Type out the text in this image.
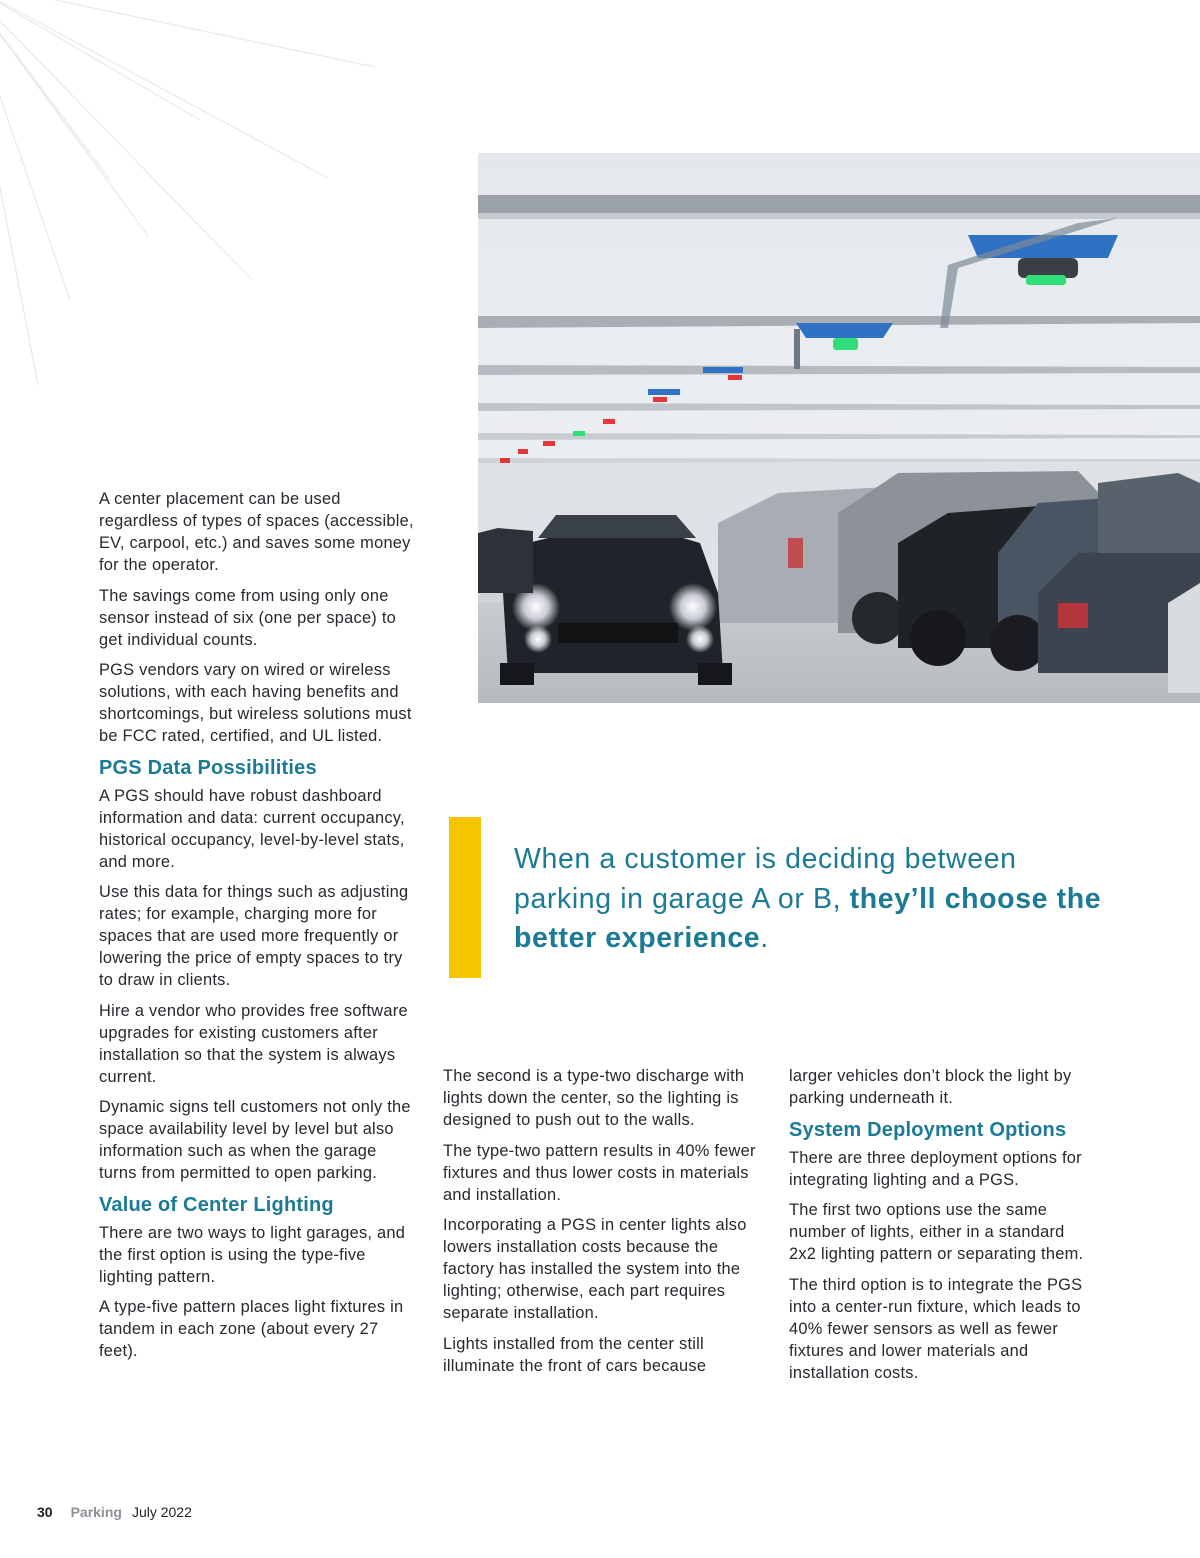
A center placement can be used regardless of types of spaces (accessible, EV, carpool, etc.) and saves some money for the operator.

The savings come from using only one sensor instead of six (one per space) to get individual counts.

PGS vendors vary on wired or wireless solutions, with each having benefits and shortcomings, but wireless solutions must be FCC rated, certified, and UL listed.

PGS Data Possibilities

A PGS should have robust dashboard information and data: current occupancy, historical occupancy, level-by-level stats, and more.

Use this data for things such as adjusting rates; for example, charging more for spaces that are used more frequently or lowering the price of empty spaces to try to draw in clients.

Hire a vendor who provides free software upgrades for existing customers after installation so that the system is always current.

Dynamic signs tell customers not only the space availability level by level but also information such as when the garage turns from permitted to open parking.

Value of Center Lighting

There are two ways to light garages, and the first option is using the type-five lighting pattern.

A type-five pattern places light fixtures in tandem in each zone (about every 27 feet).

When a customer is deciding between parking in garage A or B, they’ll choose the better experience.

The second is a type-two discharge with lights down the center, so the lighting is designed to push out to the walls.

The type-two pattern results in 40% fewer fixtures and thus lower costs in materials and installation.

Incorporating a PGS in center lights also lowers installation costs because the factory has installed the system into the lighting; otherwise, each part requires separate installation.

Lights installed from the center still illuminate the front of cars because

larger vehicles don’t block the light by parking underneath it.

System Deployment Options

There are three deployment options for integrating lighting and a PGS.

The first two options use the same number of lights, either in a standard 2x2 lighting pattern or separating them.

The third option is to integrate the PGS into a center-run fixture, which leads to 40% fewer sensors as well as fewer fixtures and lower materials and installation costs.

30 Parking July 2022
